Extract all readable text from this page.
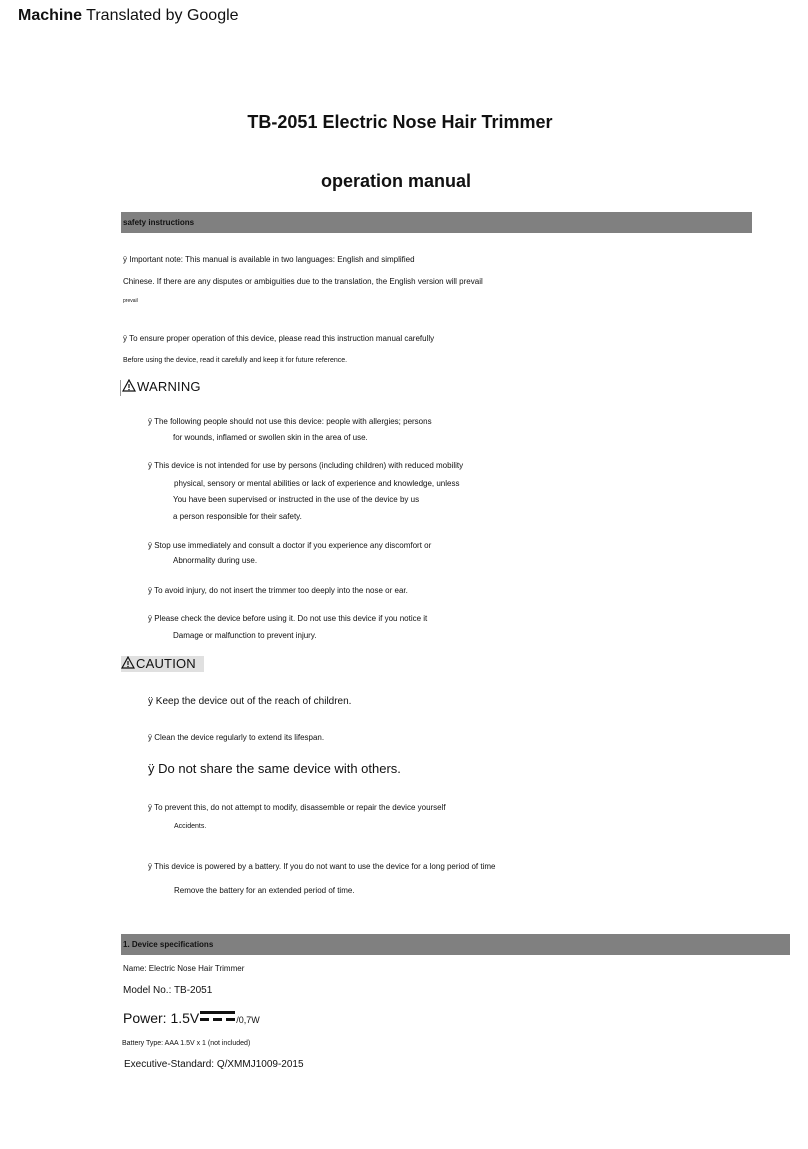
Machine Translated by Google
TB-2051 Electric Nose Hair Trimmer
operation manual
safety instructions
ÿ Important note: This manual is available in two languages: English and simplified
Chinese. If there are any disputes or ambiguities due to the translation, the English version will prevail
prevail
ÿ To ensure proper operation of this device, please read this instruction manual carefully
Before using the device, read it carefully and keep it for future reference.
WARNING
ÿ The following people should not use this device: people with allergies; persons
for wounds, inflamed or swollen skin in the area of use.
ÿ This device is not intended for use by persons (including children) with reduced mobility
physical, sensory or mental abilities or lack of experience and knowledge, unless
You have been supervised or instructed in the use of the device by us
a person responsible for their safety.
ÿ Stop use immediately and consult a doctor if you experience any discomfort or
Abnormality during use.
ÿ To avoid injury, do not insert the trimmer too deeply into the nose or ear.
ÿ Please check the device before using it. Do not use this device if you notice it
Damage or malfunction to prevent injury.
CAUTION
ÿ Keep the device out of the reach of children.
ÿ Clean the device regularly to extend its lifespan.
ÿ Do not share the same device with others.
ÿ To prevent this, do not attempt to modify, disassemble or repair the device yourself
Accidents.
ÿ This device is powered by a battery. If you do not want to use the device for a long period of time
Remove the battery for an extended period of time.
1. Device specifications
Name: Electric Nose Hair Trimmer
Model No.: TB-2051
Power: 1.5V	/0,7W
Battery Type: AAA 1.5V x 1 (not included)
Executive-Standard: Q/XMMJ1009-2015
